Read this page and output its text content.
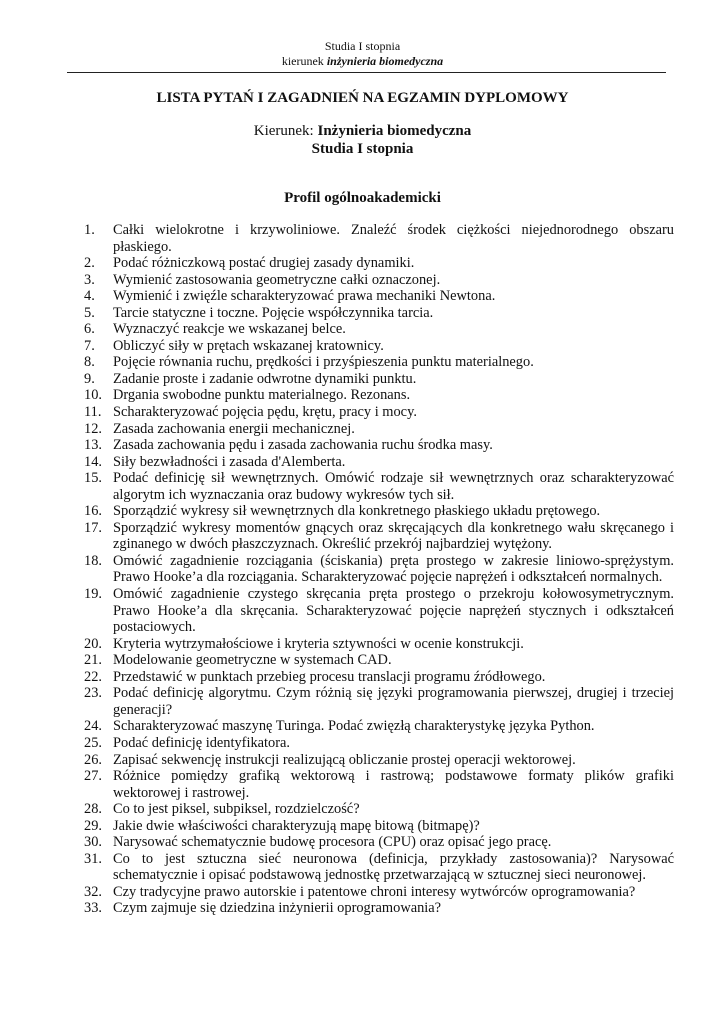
Studia I stopnia
kierunek inżynieria biomedyczna
LISTA PYTAŃ I ZAGADNIEŃ NA EGZAMIN DYPLOMOWY
Kierunek: Inżynieria biomedyczna
Studia I stopnia
Profil ogólnoakademicki
1. Całki wielokrotne i krzywoliniowe. Znaleźć środek ciężkości niejednorodnego obszaru płaskiego.
2. Podać różniczkową postać drugiej zasady dynamiki.
3. Wymienić zastosowania geometryczne całki oznaczonej.
4. Wymienić i zwięźle scharakteryzować prawa mechaniki Newtona.
5. Tarcie statyczne i toczne. Pojęcie współczynnika tarcia.
6. Wyznaczyć reakcje we wskazanej belce.
7. Obliczyć siły w prętach wskazanej kratownicy.
8. Pojęcie równania ruchu, prędkości i przyśpieszenia punktu materialnego.
9. Zadanie proste i zadanie odwrotne dynamiki punktu.
10. Drgania swobodne punktu materialnego. Rezonans.
11. Scharakteryzować pojęcia pędu, krętu, pracy i mocy.
12. Zasada zachowania energii mechanicznej.
13. Zasada zachowania pędu i zasada zachowania ruchu środka masy.
14. Siły bezwładności i zasada d'Alemberta.
15. Podać definicję sił wewnętrznych. Omówić rodzaje sił wewnętrznych oraz scharakteryzować algorytm ich wyznaczania oraz budowy wykresów tych sił.
16. Sporządzić wykresy sił wewnętrznych dla konkretnego płaskiego układu prętowego.
17. Sporządzić wykresy momentów gnących oraz skręcających dla konkretnego wału skręcanego i zginanego w dwóch płaszczyznach. Określić przekrój najbardziej wytężony.
18. Omówić zagadnienie rozciągania (ściskania) pręta prostego w zakresie liniowo-sprężystym. Prawo Hooke’a dla rozciągania. Scharakteryzować pojęcie naprężeń i odkształceń normalnych.
19. Omówić zagadnienie czystego skręcania pręta prostego o przekroju kołowosymetrycznym. Prawo Hooke’a dla skręcania. Scharakteryzować pojęcie naprężeń stycznych i odkształceń postaciowych.
20. Kryteria wytrzymałościowe i kryteria sztywności w ocenie konstrukcji.
21. Modelowanie geometryczne w systemach CAD.
22. Przedstawić w punktach przebieg procesu translacji programu źródłowego.
23. Podać definicję algorytmu. Czym różnią się języki programowania pierwszej, drugiej i trzeciej generacji?
24. Scharakteryzować maszynę Turinga. Podać zwięzłą charakterystykę języka Python.
25. Podać definicję identyfikatora.
26. Zapisać sekwencję instrukcji realizującą obliczanie prostej operacji wektorowej.
27. Różnice pomiędzy grafiką wektorową i rastrową; podstawowe formaty plików grafiki wektorowej i rastrowej.
28. Co to jest piksel, subpiksel, rozdzielczość?
29. Jakie dwie właściwości charakteryzują mapę bitową (bitmapę)?
30. Narysować schematycznie budowę procesora (CPU) oraz opisać jego pracę.
31. Co to jest sztuczna sieć neuronowa (definicja, przykłady zastosowania)? Narysować schematycznie i opisać podstawową jednostkę przetwarzającą w sztucznej sieci neuronowej.
32. Czy tradycyjne prawo autorskie i patentowe chroni interesy wytwórców oprogramowania?
33. Czym zajmuje się dziedzina inżynierii oprogramowania?
